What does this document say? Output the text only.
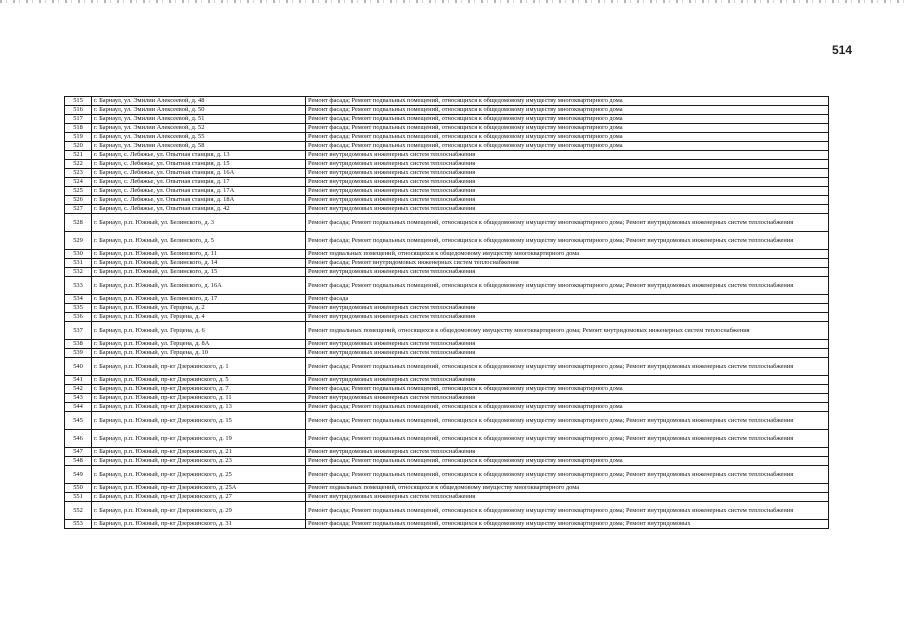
514
515	г. Барнаул, ул. Эмилии Алексеевой, д. 48	Ремонт фасада; Ремонт подвальных помещений, относящихся к общедомовому имуществу многоквартирного дома
516	г. Барнаул, ул. Эмилии Алексеевой, д. 50	Ремонт фасада; Ремонт подвальных помещений, относящихся к общедомовому имуществу многоквартирного дома
517	г. Барнаул, ул. Эмилии Алексеевой, д. 51	Ремонт фасада; Ремонт подвальных помещений, относящихся к общедомовому имуществу многоквартирного дома
518	г. Барнаул, ул. Эмилии Алексеевой, д. 52	Ремонт фасада; Ремонт подвальных помещений, относящихся к общедомовому имуществу многоквартирного дома
519	г. Барнаул, ул. Эмилии Алексеевой, д. 55	Ремонт фасада; Ремонт подвальных помещений, относящихся к общедомовому имуществу многоквартирного дома
520	г. Барнаул, ул. Эмилии Алексеевой, д. 58	Ремонт фасада; Ремонт подвальных помещений, относящихся к общедомовому имуществу многоквартирного дома
521	г. Барнаул, с. Лебяжье, ул. Опытная станция, д. 13	Ремонт внутридомовых инженерных систем теплоснабжения
522	г. Барнаул, с. Лебяжье, ул. Опытная станция, д. 15	Ремонт внутридомовых инженерных систем теплоснабжения
523	г. Барнаул, с. Лебяжье, ул. Опытная станция, д. 16А	Ремонт внутридомовых инженерных систем теплоснабжения
524	г. Барнаул, с. Лебяжье, ул. Опытная станция, д. 17	Ремонт внутридомовых инженерных систем теплоснабжения
525	г. Барнаул, с. Лебяжье, ул. Опытная станция, д. 17А	Ремонт внутридомовых инженерных систем теплоснабжения
526	г. Барнаул, с. Лебяжье, ул. Опытная станция, д. 18А	Ремонт внутридомовых инженерных систем теплоснабжения
527	г. Барнаул, с. Лебяжье, ул. Опытная станция, д. 42	Ремонт внутридомовых инженерных систем теплоснабжения
528	г. Барнаул, р.п. Южный, ул. Белинского, д. 3	Ремонт фасада; Ремонт подвальных помещений, относящихся к общедомовому имуществу многоквартирного дома; Ремонт внутридомовых инженерных систем теплоснабжения
529	г. Барнаул, р.п. Южный, ул. Белинского, д. 5	Ремонт фасада; Ремонт подвальных помещений, относящихся к общедомовому имуществу многоквартирного дома; Ремонт внутридомовых инженерных систем теплоснабжения
530	г. Барнаул, р.п. Южный, ул. Белинского, д. 11	Ремонт подвальных помещений, относящихся к общедомовому имуществу многоквартирного дома
531	г. Барнаул, р.п. Южный, ул. Белинского, д. 14	Ремонт фасада; Ремонт внутридомовых инженерных систем теплоснабжения
532	г. Барнаул, р.п. Южный, ул. Белинского, д. 15	Ремонт внутридомовых инженерных систем теплоснабжения
533	г. Барнаул, р.п. Южный, ул. Белинского, д. 16А	Ремонт фасада; Ремонт подвальных помещений, относящихся к общедомовому имуществу многоквартирного дома; Ремонт внутридомовых инженерных систем теплоснабжения
534	г. Барнаул, р.п. Южный, ул. Белинского, д. 17	Ремонт фасада
535	г. Барнаул, р.п. Южный, ул. Герцена, д. 2	Ремонт внутридомовых инженерных систем теплоснабжения
536	г. Барнаул, р.п. Южный, ул. Герцена, д. 4	Ремонт внутридомовых инженерных систем теплоснабжения
537	г. Барнаул, р.п. Южный, ул. Герцена, д. 6	Ремонт подвальных помещений, относящихся к общедомовому имуществу многоквартирного дома; Ремонт внутридомовых инженерных систем теплоснабжения
538	г. Барнаул, р.п. Южный, ул. Герцена, д. 8А	Ремонт внутридомовых инженерных систем теплоснабжения
539	г. Барнаул, р.п. Южный, ул. Герцена, д. 10	Ремонт внутридомовых инженерных систем теплоснабжения
540	г. Барнаул, р.п. Южный, пр-кт Дзержинского, д. 1	Ремонт фасада; Ремонт подвальных помещений, относящихся к общедомовому имуществу многоквартирного дома; Ремонт внутридомовых инженерных систем теплоснабжения
541	г. Барнаул, р.п. Южный, пр-кт Дзержинского, д. 5	Ремонт внутридомовых инженерных систем теплоснабжения
542	г. Барнаул, р.п. Южный, пр-кт Дзержинского, д. 7	Ремонт фасада; Ремонт подвальных помещений, относящихся к общедомовому имуществу многоквартирного дома
543	г. Барнаул, р.п. Южный, пр-кт Дзержинского, д. 11	Ремонт внутридомовых инженерных систем теплоснабжения
544	г. Барнаул, р.п. Южный, пр-кт Дзержинского, д. 13	Ремонт фасада; Ремонт подвальных помещений, относящихся к общедомовому имуществу многоквартирного дома
545	г. Барнаул, р.п. Южный, пр-кт Дзержинского, д. 15	Ремонт фасада; Ремонт подвальных помещений, относящихся к общедомовому имуществу многоквартирного дома; Ремонт внутридомовых инженерных систем теплоснабжения
546	г. Барнаул, р.п. Южный, пр-кт Дзержинского, д. 19	Ремонт фасада; Ремонт подвальных помещений, относящихся к общедомовому имуществу многоквартирного дома; Ремонт внутридомовых инженерных систем теплоснабжения
547	г. Барнаул, р.п. Южный, пр-кт Дзержинского, д. 21	Ремонт внутридомовых инженерных систем теплоснабжения
548	г. Барнаул, р.п. Южный, пр-кт Дзержинского, д. 23	Ремонт фасада; Ремонт подвальных помещений, относящихся к общедомовому имуществу многоквартирного дома
549	г. Барнаул, р.п. Южный, пр-кт Дзержинского, д. 25	Ремонт фасада; Ремонт подвальных помещений, относящихся к общедомовому имуществу многоквартирного дома; Ремонт внутридомовых инженерных систем теплоснабжения
550	г. Барнаул, р.п. Южный, пр-кт Дзержинского, д. 25А	Ремонт подвальных помещений, относящихся к общедомовому имуществу многоквартирного дома
551	г. Барнаул, р.п. Южный, пр-кт Дзержинского, д. 27	Ремонт внутридомовых инженерных систем теплоснабжения
552	г. Барнаул, р.п. Южный, пр-кт Дзержинского, д. 29	Ремонт фасада; Ремонт подвальных помещений, относящихся к общедомовому имуществу многоквартирного дома; Ремонт внутридомовых инженерных систем теплоснабжения
553	г. Барнаул, р.п. Южный, пр-кт Дзержинского, д. 31	Ремонт фасада; Ремонт подвальных помещений, относящихся к общедомовому имуществу многоквартирного дома; Ремонт внутридомовых
